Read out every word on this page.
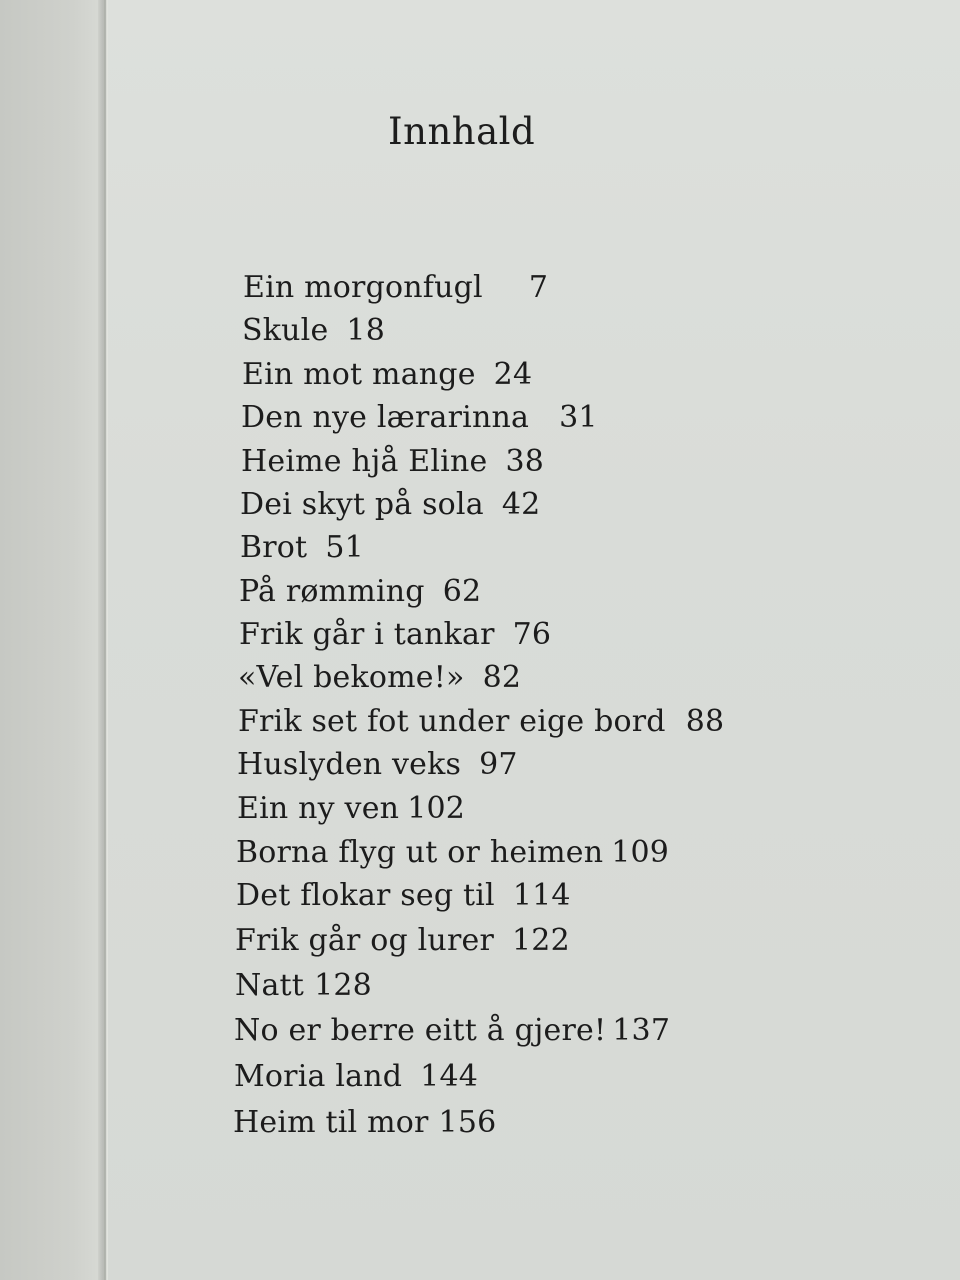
Innhald
Ein morgonfugl 7
Skule 18
Ein mot mange 24
Den nye lærarinna 31
Heime hjå Eline 38
Dei skyt på sola 42
Brot 51
På rømming 62
Frik går i tankar 76
«Vel bekome!» 82
Frik set fot under eige bord 88
Huslyden veks 97
Ein ny ven 102
Borna flyg ut or heimen 109
Det flokar seg til 114
Frik går og lurer 122
Natt 128
No er berre eitt å gjere! 137
Moria land 144
Heim til mor 156
